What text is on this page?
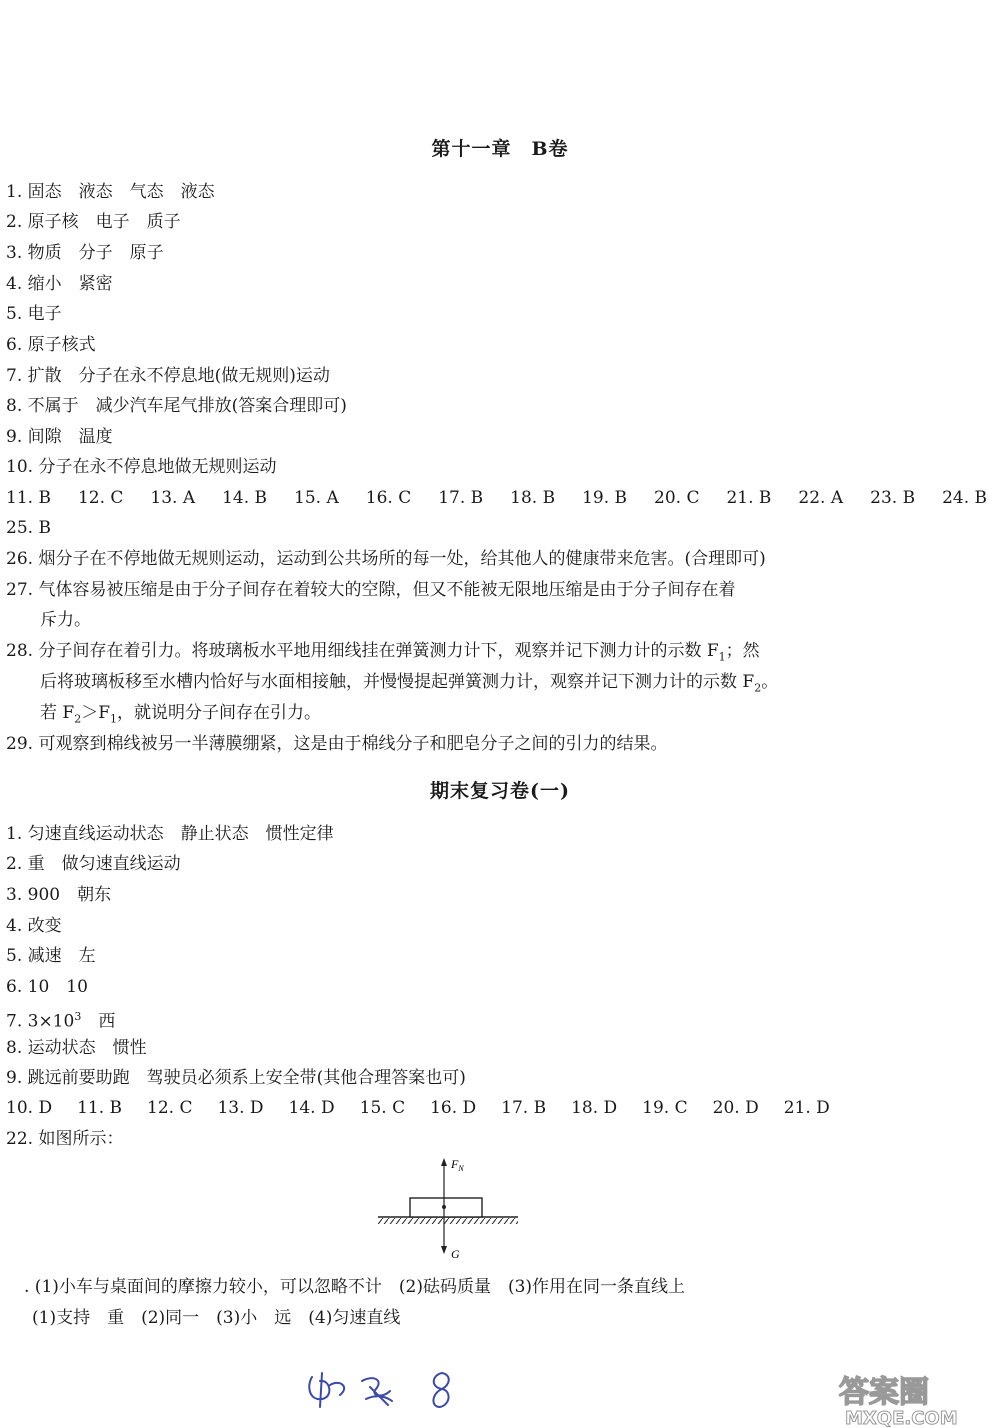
第十一章　B卷
1. 固态　液态　气态　液态
2. 原子核　电子　质子
3. 物质　分子　原子
4. 缩小　紧密
5. 电子
6. 原子核式
7. 扩散　分子在永不停息地(做无规则)运动
8. 不属于　减少汽车尾气排放(答案合理即可)
9. 间隙　温度
10. 分子在永不停息地做无规则运动
11. B 12. C 13. A 14. B 15. A 16. C 17. B 18. B 19. B 20. C 21. B 22. A 23. B 24. B
25. B
26. 烟分子在不停地做无规则运动，运动到公共场所的每一处，给其他人的健康带来危害。(合理即可)
27. 气体容易被压缩是由于分子间存在着较大的空隙，但又不能被无限地压缩是由于分子间存在着
斥力。
28. 分子间存在着引力。将玻璃板水平地用细线挂在弹簧测力计下，观察并记下测力计的示数 $F_1$；然
后将玻璃板移至水槽内恰好与水面相接触，并慢慢提起弹簧测力计，观察并记下测力计的示数 $F_2$。
若 $F_2>F_1$，就说明分子间存在引力。
29. 可观察到棉线被另一半薄膜绷紧，这是由于棉线分子和肥皂分子之间的引力的结果。
期末复习卷(一)
1. 匀速直线运动状态　静止状态　惯性定律
2. 重　做匀速直线运动
3. 900　朝东
4. 改变
5. 减速　左
6. 10　10
7. $3\times 10^3$　西
8. 运动状态　惯性
9. 跳远前要助跑　驾驶员必须系上安全带(其他合理答案也可)
10. D 11. B 12. C 13. D 14. D 15. C 16. D 17. B 18. D 19. C 20. D 21. D
22. 如图所示：
$F_N$
G
. (1)小车与桌面间的摩擦力较小，可以忽略不计　(2)砝码质量　(3)作用在同一条直线上
(1)支持　重　(2)同一　(3)小　远　(4)匀速直线
物 8
答案圈
MXQE.COM
